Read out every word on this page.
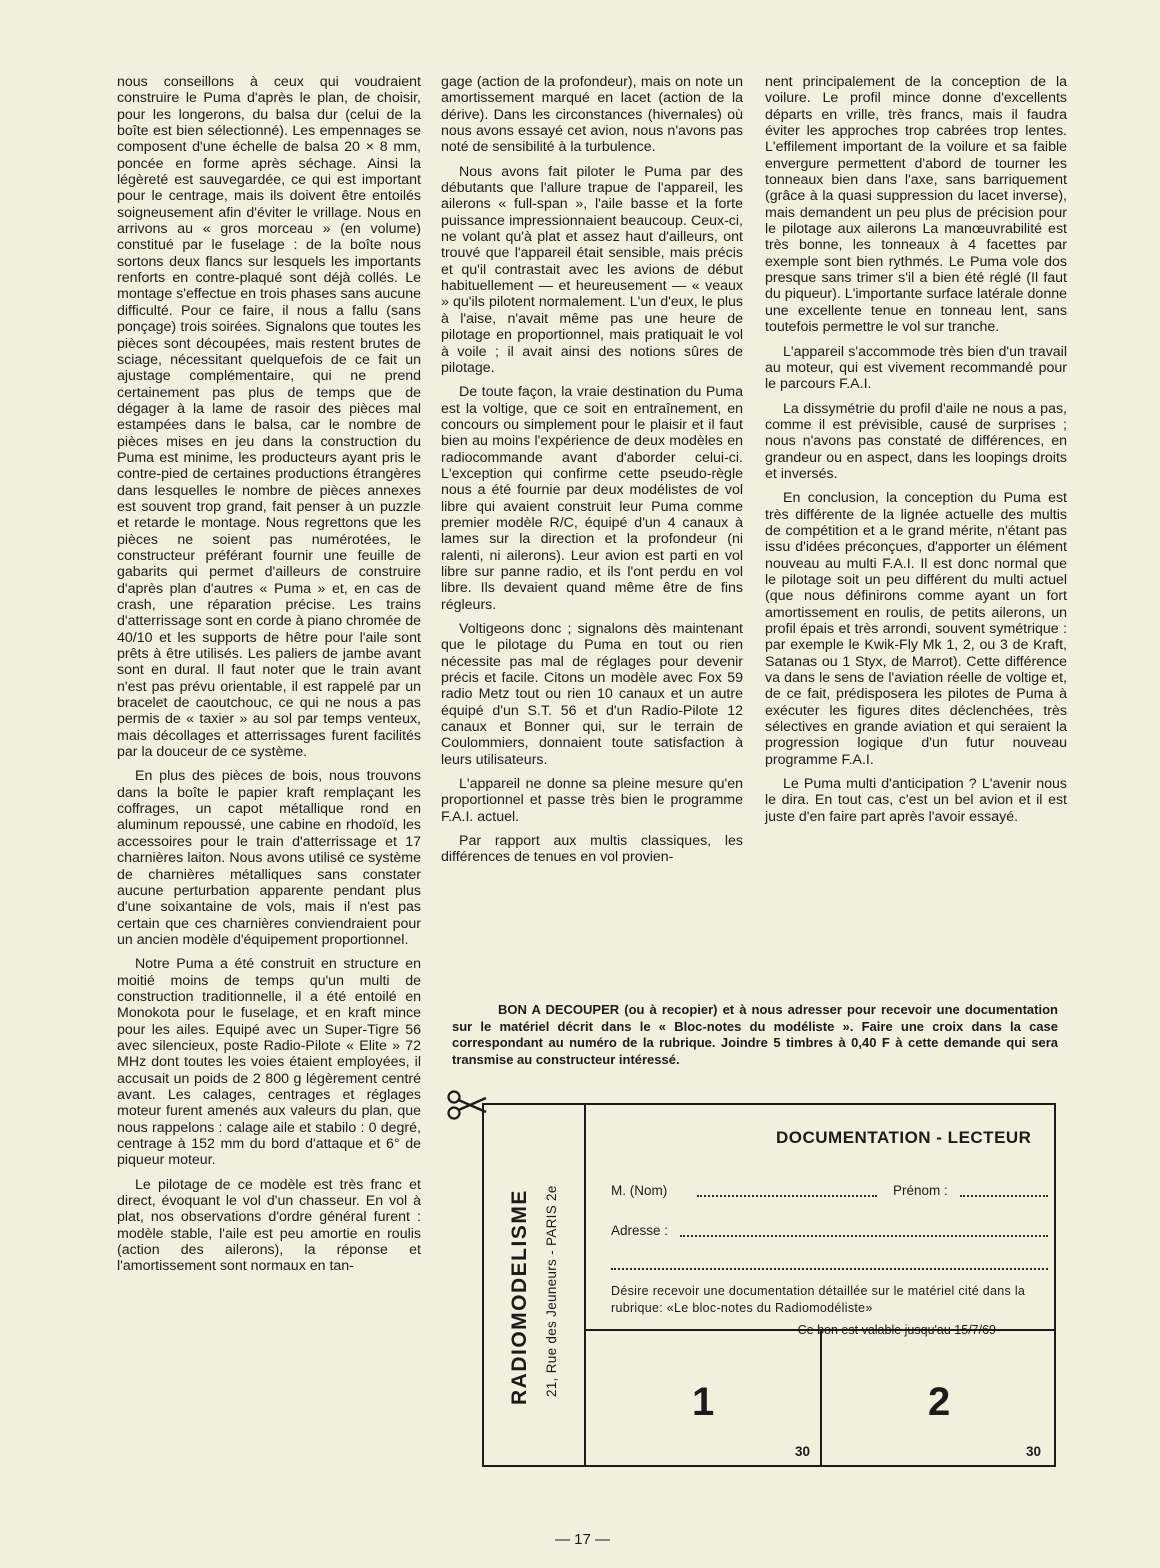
nous conseillons à ceux qui voudraient construire le Puma d'après le plan, de choisir, pour les longerons, du balsa dur (celui de la boîte est bien sélectionné). Les empennages se composent d'une échelle de balsa 20 × 8 mm, poncée en forme après séchage. Ainsi la légèreté est sauvegardée, ce qui est important pour le centrage, mais ils doivent être entoilés soigneusement afin d'éviter le vrillage. Nous en arrivons au « gros morceau » (en volume) constitué par le fuselage : de la boîte nous sortons deux flancs sur lesquels les importants renforts en contre-plaqué sont déjà collés. Le montage s'effectue en trois phases sans aucune difficulté. Pour ce faire, il nous a fallu (sans ponçage) trois soirées. Signalons que toutes les pièces sont découpées, mais restent brutes de sciage, nécessitant quelquefois de ce fait un ajustage complémentaire, qui ne prend certainement pas plus de temps que de dégager à la lame de rasoir des pièces mal estampées dans le balsa, car le nombre de pièces mises en jeu dans la construction du Puma est minime, les producteurs ayant pris le contre-pied de certaines productions étrangères dans lesquelles le nombre de pièces annexes est souvent trop grand, fait penser à un puzzle et retarde le montage. Nous regrettons que les pièces ne soient pas numérotées, le constructeur préférant fournir une feuille de gabarits qui permet d'ailleurs de construire d'après plan d'autres « Puma » et, en cas de crash, une réparation précise. Les trains d'atterrissage sont en corde à piano chromée de 40/10 et les supports de hêtre pour l'aile sont prêts à être utilisés. Les paliers de jambe avant sont en dural. Il faut noter que le train avant n'est pas prévu orientable, il est rappelé par un bracelet de caoutchouc, ce qui ne nous a pas permis de « taxier » au sol par temps venteux, mais décollages et atterrissages furent facilités par la douceur de ce système.

En plus des pièces de bois, nous trouvons dans la boîte le papier kraft remplaçant les coffrages, un capot métallique rond en aluminum repoussé, une cabine en rhodoïd, les accessoires pour le train d'atterrissage et 17 charnières laiton. Nous avons utilisé ce système de charnières métalliques sans constater aucune perturbation apparente pendant plus d'une soixantaine de vols, mais il n'est pas certain que ces charnières conviendraient pour un ancien modèle d'équipement proportionnel.

Notre Puma a été construit en structure en moitié moins de temps qu'un multi de construction traditionnelle, il a été entoilé en Monokota pour le fuselage, et en kraft mince pour les ailes. Equipé avec un Super-Tigre 56 avec silencieux, poste Radio-Pilote « Elite » 72 MHz dont toutes les voies étaient employées, il accusait un poids de 2 800 g légèrement centré avant. Les calages, centrages et réglages moteur furent amenés aux valeurs du plan, que nous rappelons : calage aile et stabilo : 0 degré, centrage à 152 mm du bord d'attaque et 6° de piqueur moteur.

Le pilotage de ce modèle est très franc et direct, évoquant le vol d'un chasseur. En vol à plat, nos observations d'ordre général furent : modèle stable, l'aile est peu amortie en roulis (action des ailerons), la réponse et l'amortissement sont normaux en tan-

gage (action de la profondeur), mais on note un amortissement marqué en lacet (action de la dérive). Dans les circonstances (hivernales) où nous avons essayé cet avion, nous n'avons pas noté de sensibilité à la turbulence.

Nous avons fait piloter le Puma par des débutants que l'allure trapue de l'appareil, les ailerons « full-span », l'aile basse et la forte puissance impressionnaient beaucoup. Ceux-ci, ne volant qu'à plat et assez haut d'ailleurs, ont trouvé que l'appareil était sensible, mais précis et qu'il contrastait avec les avions de début habituellement — et heureusement — « veaux » qu'ils pilotent normalement. L'un d'eux, le plus à l'aise, n'avait même pas une heure de pilotage en proportionnel, mais pratiquait le vol à voile ; il avait ainsi des notions sûres de pilotage.

De toute façon, la vraie destination du Puma est la voltige, que ce soit en entraînement, en concours ou simplement pour le plaisir et il faut bien au moins l'expérience de deux modèles en radiocommande avant d'aborder celui-ci. L'exception qui confirme cette pseudo-règle nous a été fournie par deux modélistes de vol libre qui avaient construit leur Puma comme premier modèle R/C, équipé d'un 4 canaux à lames sur la direction et la profondeur (ni ralenti, ni ailerons). Leur avion est parti en vol libre sur panne radio, et ils l'ont perdu en vol libre. Ils devaient quand même être de fins régleurs.

Voltigeons donc ; signalons dès maintenant que le pilotage du Puma en tout ou rien nécessite pas mal de réglages pour devenir précis et facile. Citons un modèle avec Fox 59 radio Metz tout ou rien 10 canaux et un autre équipé d'un S.T. 56 et d'un Radio-Pilote 12 canaux et Bonner qui, sur le terrain de Coulommiers, donnaient toute satisfaction à leurs utilisateurs.

L'appareil ne donne sa pleine mesure qu'en proportionnel et passe très bien le programme F.A.I. actuel.

Par rapport aux multis classiques, les différences de tenues en vol provien-

nent principalement de la conception de la voilure. Le profil mince donne d'excellents départs en vrille, très francs, mais il faudra éviter les approches trop cabrées trop lentes. L'effilement important de la voilure et sa faible envergure permettent d'abord de tourner les tonneaux bien dans l'axe, sans barriquement (grâce à la quasi suppression du lacet inverse), mais demandent un peu plus de précision pour le pilotage aux ailerons La manœuvrabilité est très bonne, les tonneaux à 4 facettes par exemple sont bien rythmés. Le Puma vole dos presque sans trimer s'il a bien été réglé (Il faut du piqueur). L'importante surface latérale donne une excellente tenue en tonneau lent, sans toutefois permettre le vol sur tranche.

L'appareil s'accommode très bien d'un travail au moteur, qui est vivement recommandé pour le parcours F.A.I.

La dissymétrie du profil d'aile ne nous a pas, comme il est prévisible, causé de surprises ; nous n'avons pas constaté de différences, en grandeur ou en aspect, dans les loopings droits et inversés.

En conclusion, la conception du Puma est très différente de la lignée actuelle des multis de compétition et a le grand mérite, n'étant pas issu d'idées préconçues, d'apporter un élément nouveau au multi F.A.I. Il est donc normal que le pilotage soit un peu différent du multi actuel (que nous définirons comme ayant un fort amortissement en roulis, de petits ailerons, un profil épais et très arrondi, souvent symétrique : par exemple le Kwik-Fly Mk 1, 2, ou 3 de Kraft, Satanas ou 1 Styx, de Marrot). Cette différence va dans le sens de l'aviation réelle de voltige et, de ce fait, prédisposera les pilotes de Puma à exécuter les figures dites déclenchées, très sélectives en grande aviation et qui seraient la progression logique d'un futur nouveau programme F.A.I.

Le Puma multi d'anticipation ? L'avenir nous le dira. En tout cas, c'est un bel avion et il est juste d'en faire part après l'avoir essayé.

BON A DECOUPER (ou à recopier) et à nous adresser pour recevoir une documentation sur le matériel décrit dans le « Bloc-notes du modéliste ». Faire une croix dans la case correspondant au numéro de la rubrique. Joindre 5 timbres à 0,40 F à cette demande qui sera transmise au constructeur intéressé.
RADIOMODELISME 21, Rue des Jeuneurs - PARIS 2e
DOCUMENTATION - LECTEUR
M. (Nom)	Prénom :
Adresse :
Désire recevoir une documentation détaillée sur le matériel cité dans la rubrique: «Le bloc-notes du Radiomodéliste»
- Ce bon est valable jusqu'au 15/7/69
1
30
2
30
— 17 —
